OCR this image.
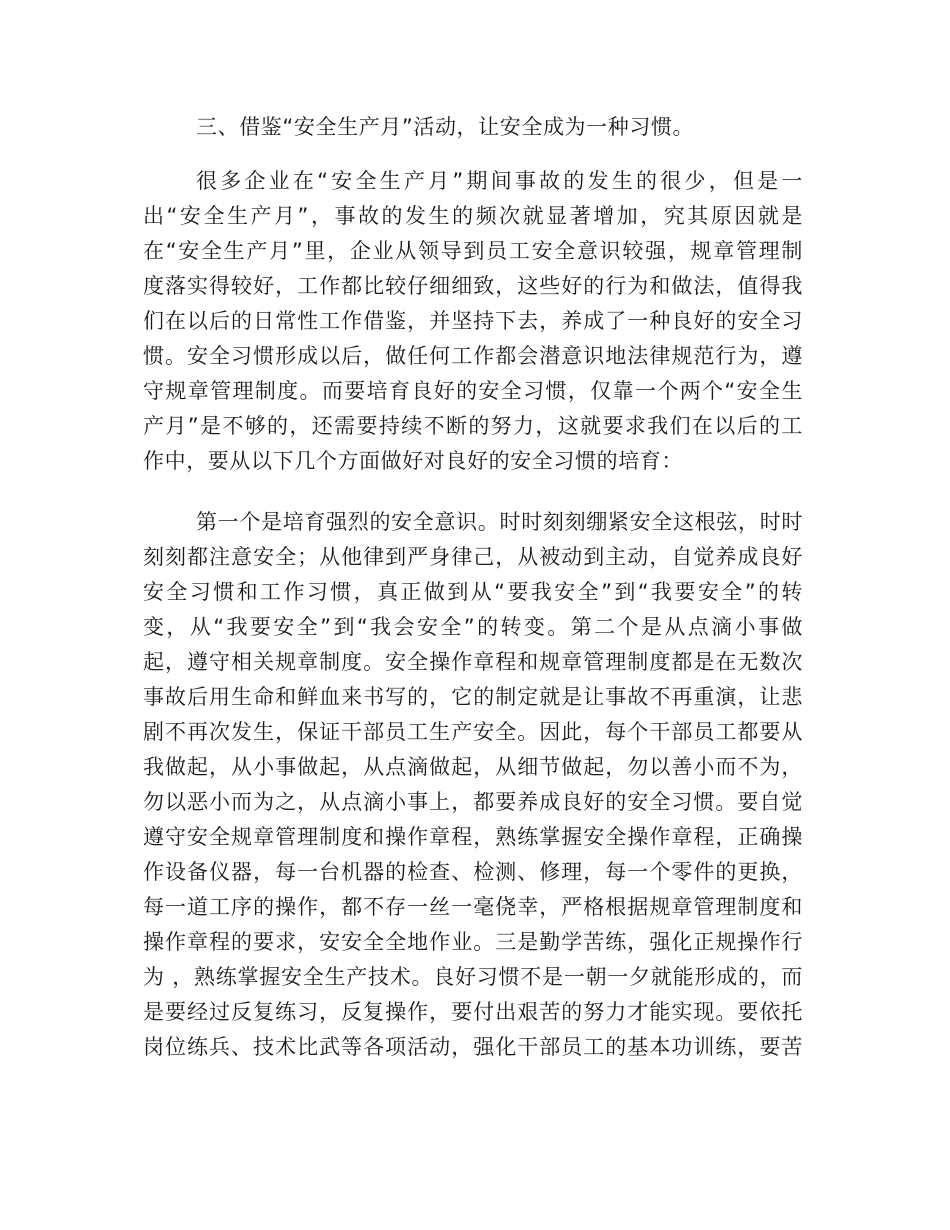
三、借鉴“安全生产月”活动，让安全成为一种习惯。
很多企业在“安全生产月”期间事故的发生的很少，但是一
出“安全生产月”，事故的发生的频次就显著增加，究其原因就是
在“安全生产月”里，企业从领导到员工安全意识较强，规章管理制
度落实得较好，工作都比较仔细细致，这些好的行为和做法，值得我
们在以后的日常性工作借鉴，并坚持下去，养成了一种良好的安全习
惯。安全习惯形成以后，做任何工作都会潜意识地法律规范行为，遵
守规章管理制度。而要培育良好的安全习惯，仅靠一个两个“安全生
产月”是不够的，还需要持续不断的努力，这就要求我们在以后的工
作中，要从以下几个方面做好对良好的安全习惯的培育：
第一个是培育强烈的安全意识。时时刻刻绷紧安全这根弦，时时
刻刻都注意安全；从他律到严身律己，从被动到主动，自觉养成良好
安全习惯和工作习惯，真正做到从“要我安全”到“我要安全”的转
变，从“我要安全”到“我会安全”的转变。第二个是从点滴小事做
起，遵守相关规章制度。安全操作章程和规章管理制度都是在无数次
事故后用生命和鲜血来书写的，它的制定就是让事故不再重演，让悲
剧不再次发生，保证干部员工生产安全。因此，每个干部员工都要从
我做起，从小事做起，从点滴做起，从细节做起，勿以善小而不为，
勿以恶小而为之，从点滴小事上，都要养成良好的安全习惯。要自觉
遵守安全规章管理制度和操作章程，熟练掌握安全操作章程，正确操
作设备仪器，每一台机器的检查、检测、修理，每一个零件的更换，
每一道工序的操作，都不存一丝一毫侥幸，严格根据规章管理制度和
操作章程的要求，安安全全地作业。三是勤学苦练，强化正规操作行
为 ，熟练掌握安全生产技术。良好习惯不是一朝一夕就能形成的，而
是要经过反复练习，反复操作，要付出艰苦的努力才能实现。要依托
岗位练兵、技术比武等各项活动，强化干部员工的基本功训练，要苦
